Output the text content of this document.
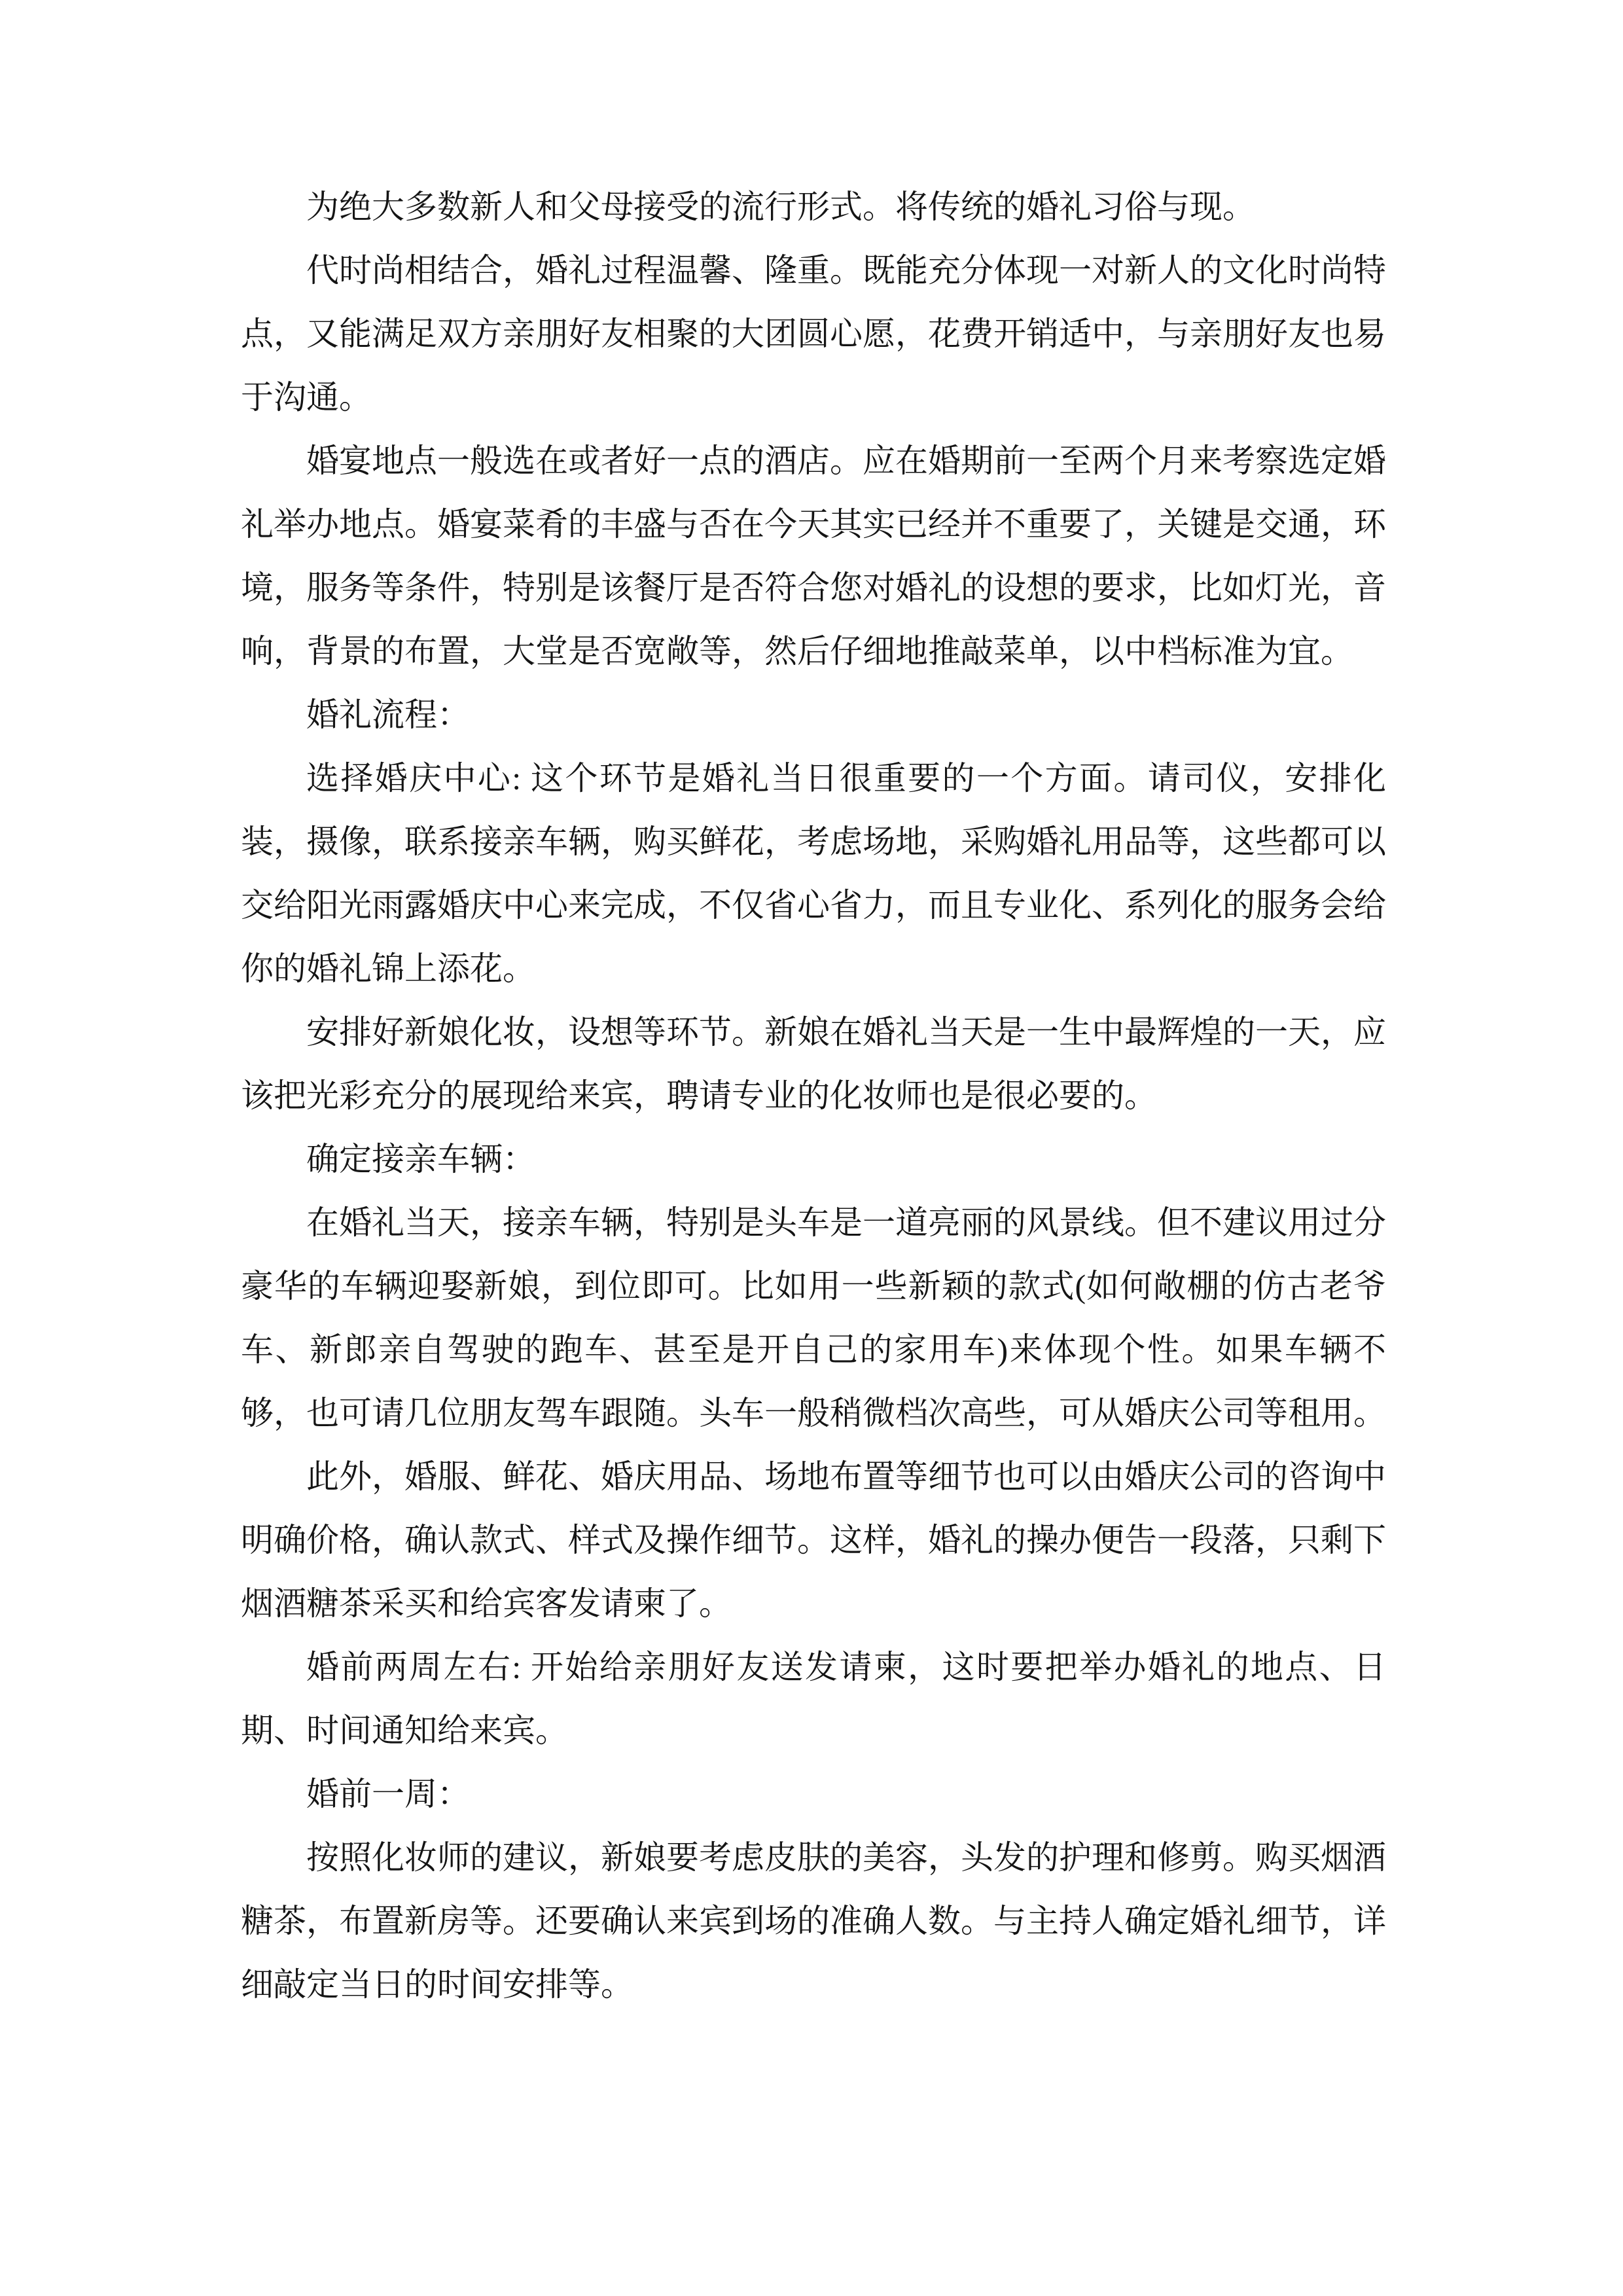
为绝大多数新人和父母接受的流行形式。将传统的婚礼习俗与现。

代时尚相结合，婚礼过程温馨、隆重。既能充分体现一对新人的文化时尚特点，又能满足双方亲朋好友相聚的大团圆心愿，花费开销适中，与亲朋好友也易于沟通。

婚宴地点一般选在或者好一点的酒店。应在婚期前一至两个月来考察选定婚礼举办地点。婚宴菜肴的丰盛与否在今天其实已经并不重要了，关键是交通，环境，服务等条件，特别是该餐厅是否符合您对婚礼的设想的要求，比如灯光，音响，背景的布置，大堂是否宽敞等，然后仔细地推敲菜单，以中档标准为宜。

婚礼流程：

选择婚庆中心: 这个环节是婚礼当日很重要的一个方面。请司仪，安排化装，摄像，联系接亲车辆，购买鲜花，考虑场地，采购婚礼用品等，这些都可以交给阳光雨露婚庆中心来完成，不仅省心省力，而且专业化、系列化的服务会给你的婚礼锦上添花。

安排好新娘化妆，设想等环节。新娘在婚礼当天是一生中最辉煌的一天，应该把光彩充分的展现给来宾，聘请专业的化妆师也是很必要的。

确定接亲车辆：

在婚礼当天，接亲车辆，特别是头车是一道亮丽的风景线。但不建议用过分豪华的车辆迎娶新娘，到位即可。比如用一些新颖的款式(如何敞棚的仿古老爷车、新郎亲自驾驶的跑车、甚至是开自己的家用车)来体现个性。如果车辆不够，也可请几位朋友驾车跟随。头车一般稍微档次高些，可从婚庆公司等租用。

此外，婚服、鲜花、婚庆用品、场地布置等细节也可以由婚庆公司的咨询中明确价格，确认款式、样式及操作细节。这样，婚礼的操办便告一段落，只剩下烟酒糖茶采买和给宾客发请柬了。

婚前两周左右: 开始给亲朋好友送发请柬，这时要把举办婚礼的地点、日期、时间通知给来宾。

婚前一周：

按照化妆师的建议，新娘要考虑皮肤的美容，头发的护理和修剪。购买烟酒糖茶，布置新房等。还要确认来宾到场的准确人数。与主持人确定婚礼细节，详细敲定当日的时间安排等。
